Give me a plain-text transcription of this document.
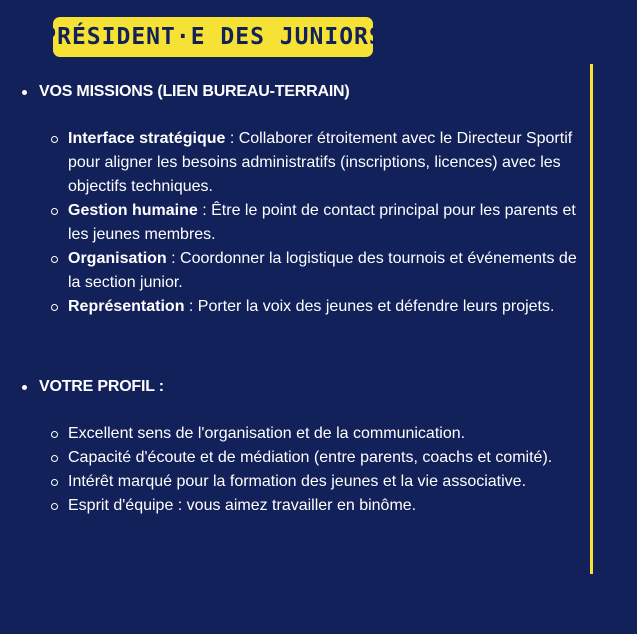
PRÉSIDENT·E DES JUNIORS
VOS MISSIONS (LIEN BUREAU-TERRAIN)
Interface stratégique : Collaborer étroitement avec le Directeur Sportif pour aligner les besoins administratifs (inscriptions, licences) avec les objectifs techniques.
Gestion humaine : Être le point de contact principal pour les parents et les jeunes membres.
Organisation : Coordonner la logistique des tournois et événements de la section junior.
Représentation : Porter la voix des jeunes et défendre leurs projets.
VOTRE PROFIL :
Excellent sens de l'organisation et de la communication.
Capacité d'écoute et de médiation (entre parents, coachs et comité).
Intérêt marqué pour la formation des jeunes et la vie associative.
Esprit d'équipe : vous aimez travailler en binôme.
